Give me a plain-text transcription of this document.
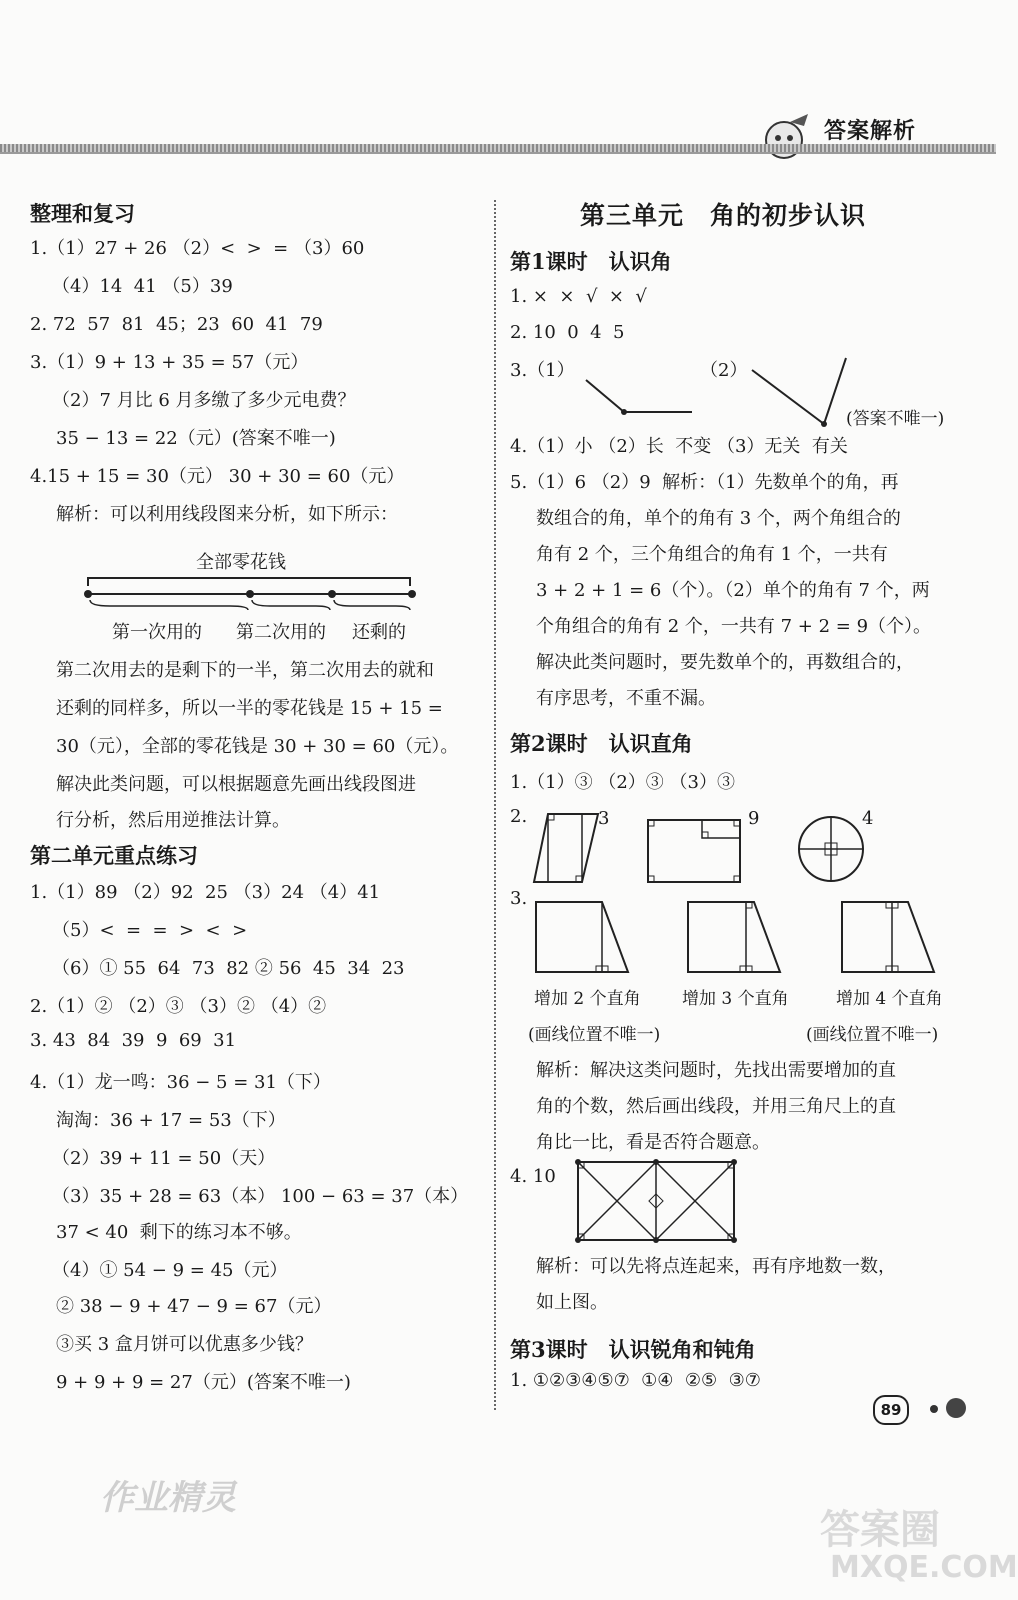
答案解析
整理和复习
1.（1）27 + 26 （2）<  >  = （3）60
（4）14  41 （5）39
2. 72  57  81  45；23  60  41  79
3.（1）9 + 13 + 35 = 57（元）
（2）7 月比 6 月多缴了多少元电费？
35 − 13 = 22（元）(答案不唯一)
4.15 + 15 = 30（元） 30 + 30 = 60（元）
解析：可以利用线段图来分析，如下所示：
全部零花钱
第一次用的 第二次用的 还剩的
第二次用去的是剩下的一半，第二次用去的就和
还剩的同样多，所以一半的零花钱是 15 + 15 =
30（元），全部的零花钱是 30 + 30 = 60（元）。
解决此类问题，可以根据题意先画出线段图进
行分析，然后用逆推法计算。
第二单元重点练习
1.（1）89 （2）92  25 （3）24 （4）41
（5）<  =  =  >  <  >
（6）① 55  64  73  82 ② 56  45  34  23
2.（1）② （2）③ （3）② （4）②
3. 43  84  39  9  69  31
4.（1）龙一鸣：36 − 5 = 31（下）
淘淘：36 + 17 = 53（下）
（2）39 + 11 = 50（天）
（3）35 + 28 = 63（本） 100 − 63 = 37（本）
37 < 40  剩下的练习本不够。
（4）① 54 − 9 = 45（元）
② 38 − 9 + 47 − 9 = 67（元）
③买 3 盒月饼可以优惠多少钱？
9 + 9 + 9 = 27（元）(答案不唯一)
第三单元　角的初步认识
第1课时　认识角
1. ×  ×  √  ×  √
2. 10  0  4  5
3.（1）	（2）
(答案不唯一)
4.（1）小 （2）长  不变 （3）无关  有关
5.（1）6 （2）9  解析：（1）先数单个的角，再
数组合的角，单个的角有 3 个，两个角组合的
角有 2 个，三个角组合的角有 1 个，一共有
3 + 2 + 1 = 6（个）。（2）单个的角有 7 个，两
个角组合的角有 2 个，一共有 7 + 2 = 9（个）。
解决此类问题时，要先数单个的，再数组合的，
有序思考，不重不漏。
第2课时　认识直角
1.（1）③ （2）③ （3）③
2.	3	9	4
3.
增加 2 个直角 增加 3 个直角	增加 4 个直角
(画线位置不唯一)	(画线位置不唯一)
解析：解决这类问题时，先找出需要增加的直
角的个数，然后画出线段，并用三角尺上的直
角比一比，看是否符合题意。
4. 10
解析：可以先将点连起来，再有序地数一数，
如上图。
第3课时　认识锐角和钝角
1. ①②③④⑤⑦  ①④  ②⑤  ③⑦
89
作业精灵
答案圈
MXQE.COM
